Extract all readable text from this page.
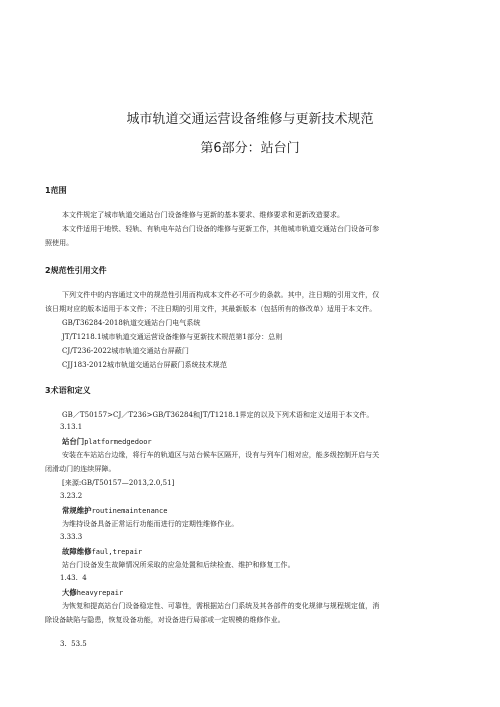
城市轨道交通运营设备维修与更新技术规范
第6部分：站台门
1范围
本文件规定了城市轨道交通站台门设备维修与更新的基本要求、维修要求和更新改造要求。
本文件适用于地铁、轻轨、有轨电车站台门设备的维修与更新工作，其他城市轨道交通站台门设备可参
照使用。
2规范性引用文件
下列文件中的内容通过文中的规范性引用而构成本文件必不可少的条款。其中，注日期的引用文件，仅
该日期对应的版本适用于本文件；不注日期的引用文件，其最新版本（包括所有的修改单）适用于本文件。
GB/T36284-2018轨道交通站台门电气系统
JT/T1218.1城市轨道交通运营设备维修与更新技术规范第1部分：总则
CJ/T236-2022城市轨道交通站台屏蔽门
CJJ183-2012城市轨道交通站台屏蔽门系统技术规范
3术语和定义
GB／T50157>CJ／T236>GB/T36284和JT/T1218.1界定的以及下列术语和定义适用于本文件。
3.13.1
站台门platformedgedoor
安装在车站站台边缘，将行车的轨道区与站台候车区隔开，设有与列车门相对应，能多级控制开启与关
闭滑动门的连续屏障。
[来源:GB/T50157—2013,2.0,51]
3.23.2
常规维护routinemaintenance
为维持设备具备正常运行功能而进行的定期性维修作业。
3.33.3
故障维修faul,trepair
站台门设备发生故障情况所采取的应急处置和后续检查、维护和修复工作。
1.43.  4
大修heavyrepair
为恢复和提高站台门设备稳定性、可靠性，需根据站台门系统及其各部件的变化规律与规程规定值，消
除设备缺陷与隐患，恢复设备功能，对设备进行局部或一定规模的维修作业。
3.  53.5
